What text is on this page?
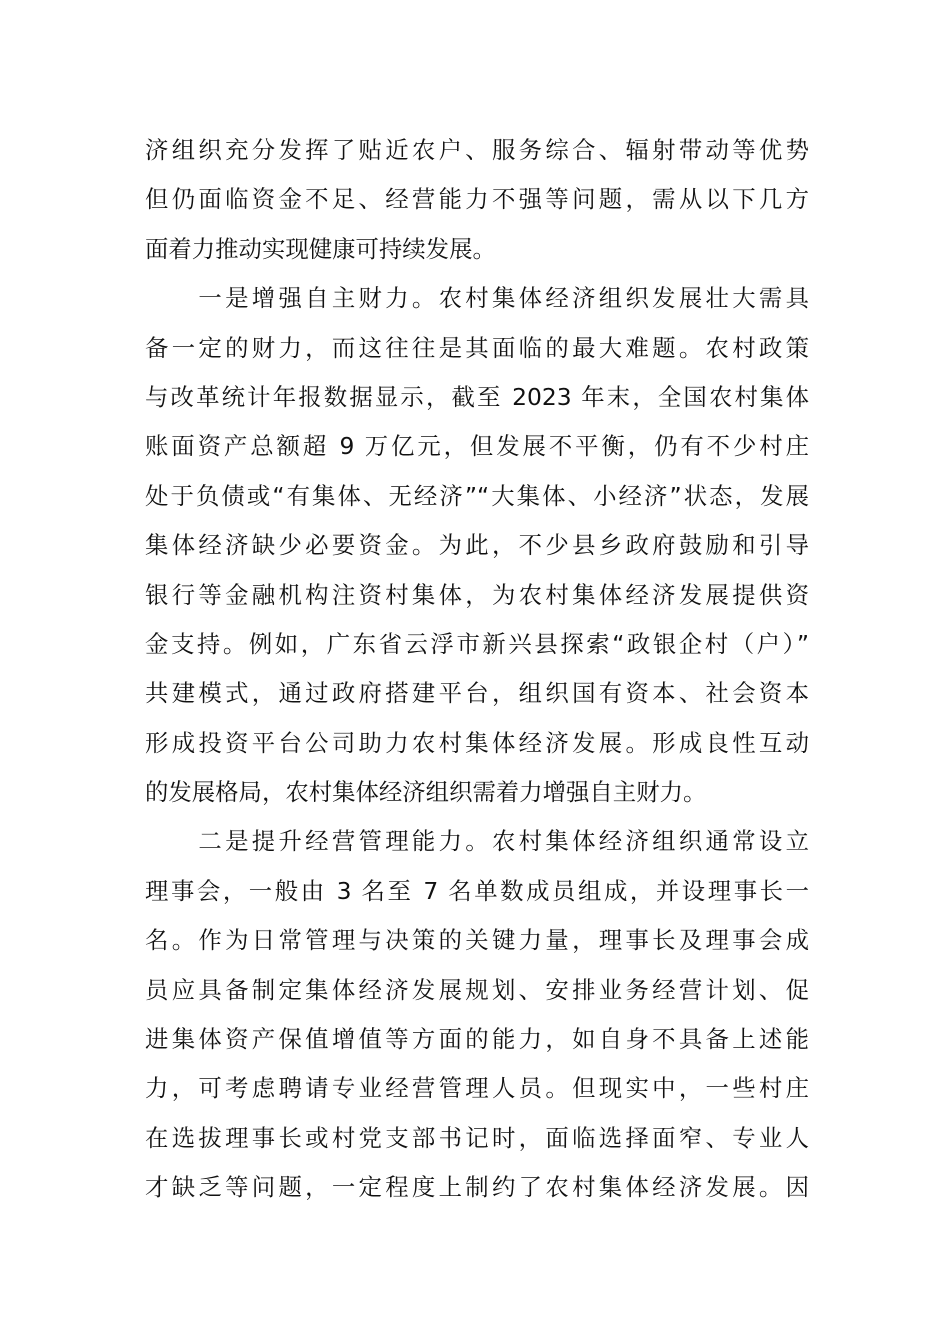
济组织充分发挥了贴近农户、服务综合、辐射带动等优势
但仍面临资金不足、经营能力不强等问题，需从以下几方
面着力推动实现健康可持续发展。
　　一是增强自主财力。农村集体经济组织发展壮大需具
备一定的财力，而这往往是其面临的最大难题。农村政策
与改革统计年报数据显示，截至 2023 年末，全国农村集体
账面资产总额超 9 万亿元，但发展不平衡，仍有不少村庄
处于负债或“有集体、无经济”“大集体、小经济”状态，发展
集体经济缺少必要资金。为此，不少县乡政府鼓励和引导
银行等金融机构注资村集体，为农村集体经济发展提供资
金支持。例如，广东省云浮市新兴县探索“政银企村（户）”
共建模式，通过政府搭建平台，组织国有资本、社会资本
形成投资平台公司助力农村集体经济发展。形成良性互动
的发展格局，农村集体经济组织需着力增强自主财力。
　　二是提升经营管理能力。农村集体经济组织通常设立
理事会，一般由 3 名至 7 名单数成员组成，并设理事长一
名。作为日常管理与决策的关键力量，理事长及理事会成
员应具备制定集体经济发展规划、安排业务经营计划、促
进集体资产保值增值等方面的能力，如自身不具备上述能
力，可考虑聘请专业经营管理人员。但现实中，一些村庄
在选拔理事长或村党支部书记时，面临选择面窄、专业人
才缺乏等问题，一定程度上制约了农村集体经济发展。因
